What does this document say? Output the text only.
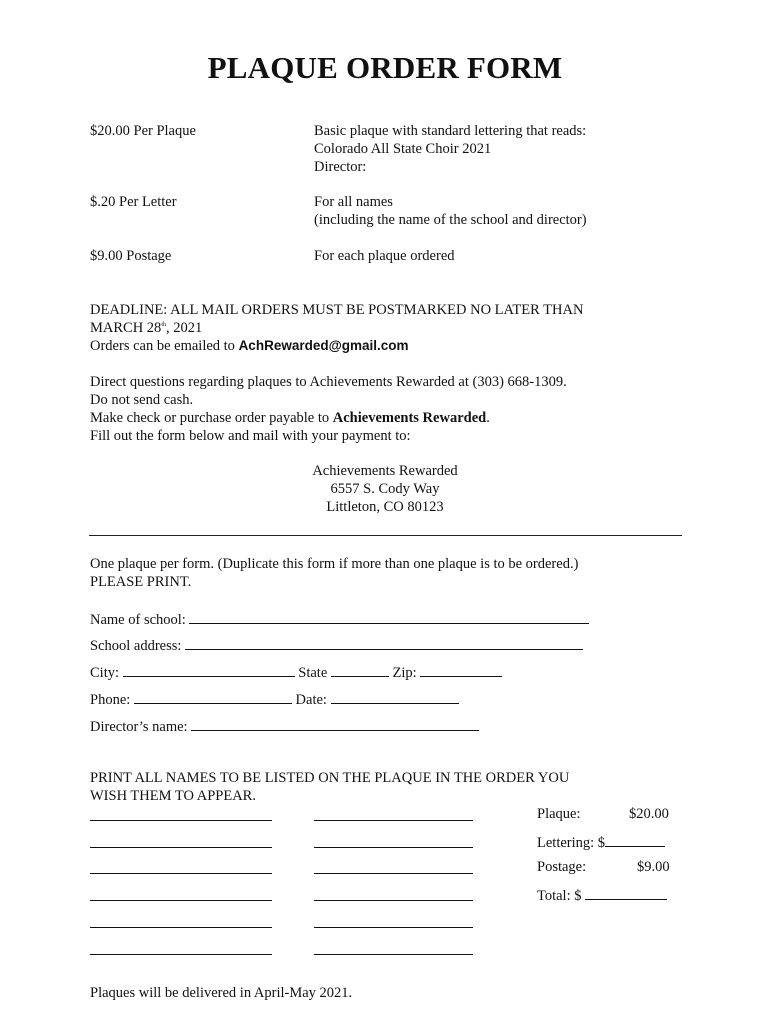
PLAQUE ORDER FORM
$20.00 Per Plaque	Basic plaque with standard lettering that reads:
Colorado All State Choir 2021
Director:
$.20 Per Letter	For all names
(including the name of the school and director)
$9.00 Postage	For each plaque ordered
DEADLINE: ALL MAIL ORDERS MUST BE POSTMARKED NO LATER THAN
MARCH 28th, 2021
Orders can be emailed to AchRewarded@gmail.com
Direct questions regarding plaques to Achievements Rewarded at (303) 668-1309.
Do not send cash.
Make check or purchase order payable to Achievements Rewarded.
Fill out the form below and mail with your payment to:
Achievements Rewarded
6557 S. Cody Way
Littleton, CO 80123
One plaque per form. (Duplicate this form if more than one plaque is to be ordered.)
PLEASE PRINT.
Name of school:
School address:
City:	State	Zip:
Phone:	Date:
Director’s name:
PRINT ALL NAMES TO BE LISTED ON THE PLAQUE IN THE ORDER YOU
WISH THEM TO APPEAR.
Plaque:	$20.00
Lettering: $
Postage:	$9.00
Total: $
Plaques will be delivered in April-May 2021.
